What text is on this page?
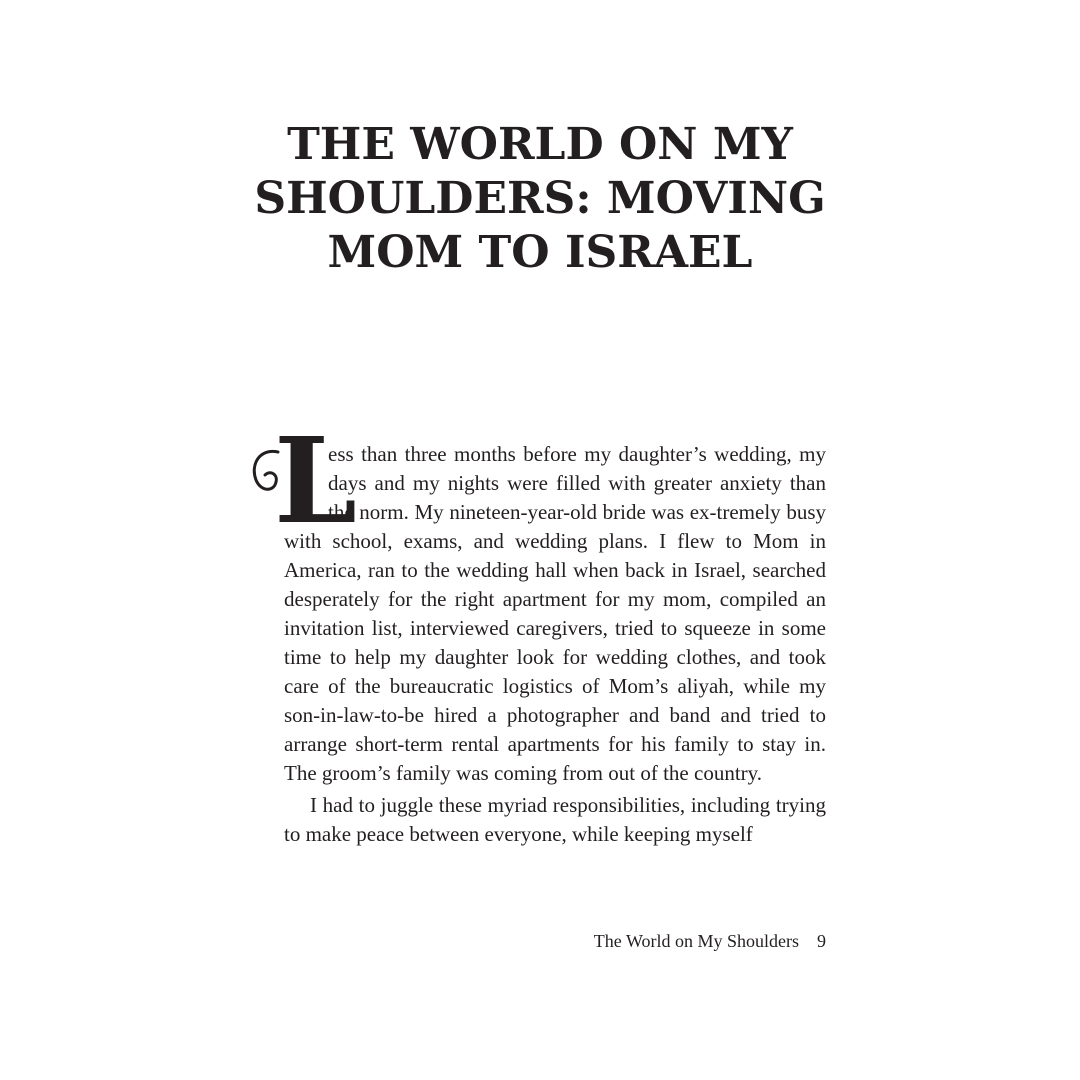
THE WORLD ON MY
SHOULDERS: MOVING
MOM TO ISRAEL

L
ess than three months before my daughter’s wedding, my days and my nights were filled with greater anxiety than the norm. My nineteen-year-old bride was ex-tremely busy with school, exams, and wedding plans. I flew to Mom in America, ran to the wedding hall when back in Israel, searched desperately for the right apartment for my mom, compiled an invitation list, interviewed caregivers, tried to squeeze in some time to help my daughter look for wedding clothes, and took care of the bureaucratic logistics of Mom’s aliyah, while my son-in-law-to-be hired a photographer and band and tried to arrange short-term rental apartments for his family to stay in. The groom’s family was coming from out of the country.

I had to juggle these myriad responsibilities, including trying to make peace between everyone, while keeping myself

The World on My Shoulders 9
